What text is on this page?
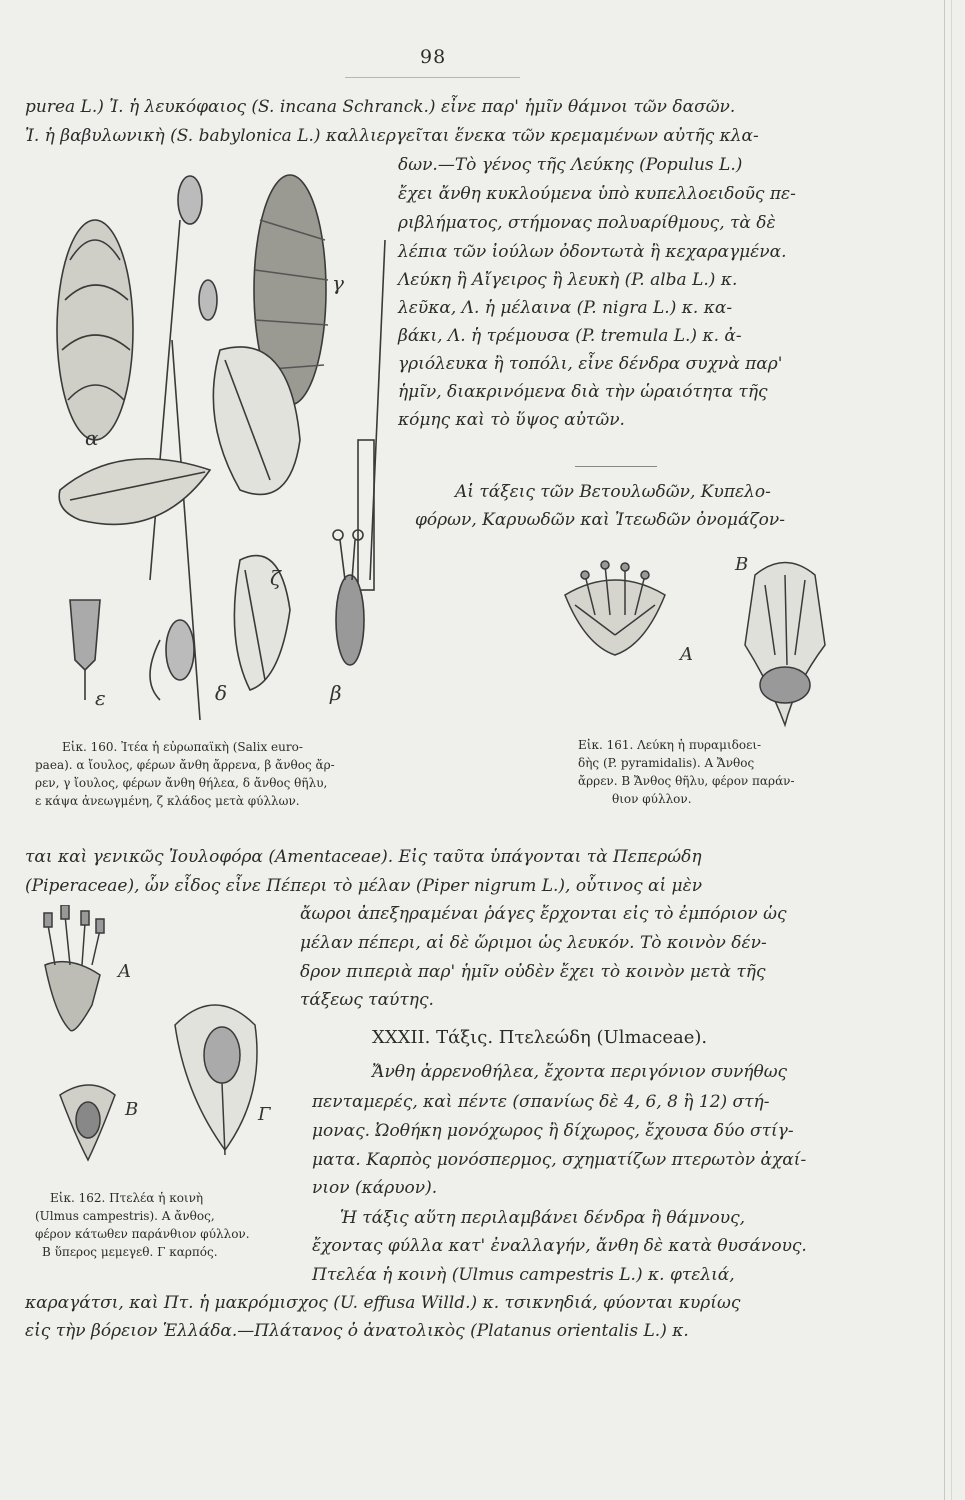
98
purea L.) Ἰ. ἡ λευκόφαιος (S. incana Schranck.) εἶνε παρ' ἡμῖν θάμνοι τῶν δασῶν.
Ἰ. ἡ βαβυλωνικὴ (S. babylonica L.) καλλιεργεῖται ἕνεκα τῶν κρεμαμένων αὐτῆς κλα-
δων.—Τὸ γένος τῆς Λεύκης (Populus L.)
ἔχει ἄνθη κυκλούμενα ὑπὸ κυπελλοειδοῦς πε-
ριβλήματος, στήμονας πολυαρίθμους, τὰ δὲ
λέπια τῶν ἰούλων ὀδοντωτὰ ἢ κεχαραγμένα.
Λεύκη ἢ Αἴγειρος ἢ λευκὴ (P. alba L.) κ.
λεῦκα, Λ. ἡ μέλαινα (P. nigra L.) κ. κα-
βάκι, Λ. ἡ τρέμουσα (P. tremula L.) κ. ἀ-
γριόλευκα ἢ τοπόλι, εἶνε δένδρα συχνὰ παρ'
ἡμῖν, διακρινόμενα διὰ τὴν ὡραιότητα τῆς
κόμης καὶ τὸ ὕψος αὐτῶν.
Αἱ τάξεις τῶν Βετουλωδῶν, Κυπελο-
φόρων, Καρυωδῶν καὶ Ἰτεωδῶν ὀνομάζον-
α
γ
ε	δ	β
ζ
Εἰκ. 160. Ἰτέα ἡ εὐρωπαϊκὴ (Salix euro-
paea). α ἴουλος, φέρων ἄνθη ἄρρενα, β ἄνθος ἄρ-
ρεν, γ ἴουλος, φέρων ἄνθη θήλεα, δ ἄνθος θῆλυ,
ε κάψα ἀνεωγμένη, ζ κλάδος μετὰ φύλλων.
Α
Β
Εἰκ. 161. Λεύκη ἡ πυραμιδοει-
δὴς (P. pyramidalis). Α Ἄνθος
ἄρρεν. Β Ἄνθος θῆλυ, φέρον παράν-
θιον φύλλον.
ται καὶ γενικῶς Ἰουλοφόρα (Amentaceae). Εἰς ταῦτα ὑπάγονται τὰ Πεπερώδη
(Piperaceae), ὧν εἶδος εἶνε Πέπερι τὸ μέλαν (Piper nigrum L.), οὗτινος αἱ μὲν
ἄωροι ἀπεξηραμέναι ῥάγες ἔρχονται εἰς τὸ ἐμπόριον ὡς
μέλαν πέπερι, αἱ δὲ ὥριμοι ὡς λευκόν. Τὸ κοινὸν δέν-
δρον πιπεριὰ παρ' ἡμῖν οὐδὲν ἔχει τὸ κοινὸν μετὰ τῆς
τάξεως ταύτης.
XXXII. Τάξις. Πτελεώδη (Ulmaceae).
Ἄνθη ἀρρενοθήλεα, ἔχοντα περιγόνιον συνήθως
πενταμερές, καὶ πέντε (σπανίως δὲ 4, 6, 8 ἢ 12) στή-
μονας. Ὠοθήκη μονόχωρος ἢ δίχωρος, ἔχουσα δύο στίγ-
ματα. Καρπὸς μονόσπερμος, σχηματίζων πτερωτὸν ἀχαί-
νιον (κάρυον).
Ἡ τάξις αὕτη περιλαμβάνει δένδρα ἢ θάμνους,
ἔχοντας φύλλα κατ' ἐναλλαγήν, ἄνθη δὲ κατὰ θυσάνους.
Πτελέα ἡ κοινὴ (Ulmus campestris L.) κ. φτελιά,
Α
Β	Γ
Εἰκ. 162. Πτελέα ἡ κοινὴ
(Ulmus campestris). Α ἄνθος,
φέρον κάτωθεν παράνθιον φύλλον.
Β ὕπερος μεμεγεθ. Γ καρπός.
καραγάτσι, καὶ Πτ. ἡ μακρόμισχος (U. effusa Willd.) κ. τσικνηδιά, φύονται κυρίως
εἰς τὴν βόρειον Ἑλλάδα.—Πλάτανος ὁ ἀνατολικὸς (Platanus orientalis L.) κ.
